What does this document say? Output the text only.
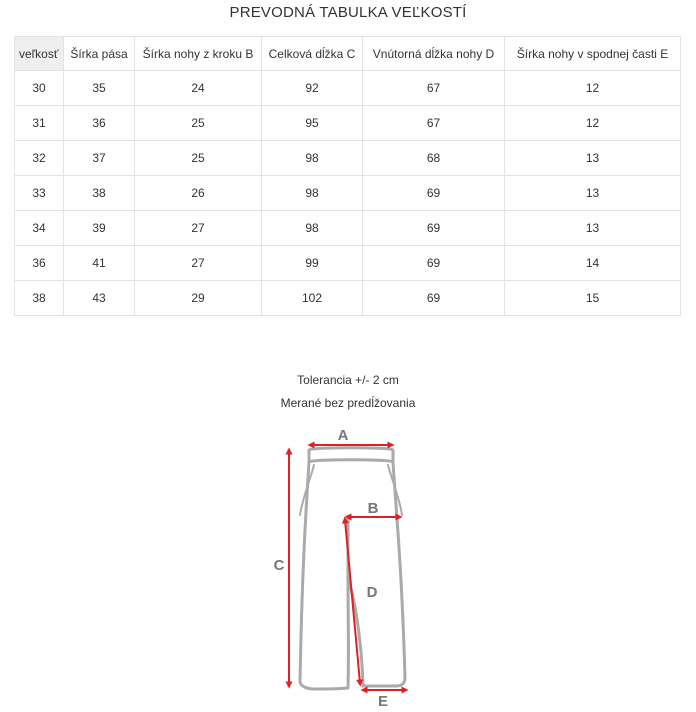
PREVODNÁ TABULKA VEĽKOSTÍ
veľkosť	Šírka pása	Šírka nohy z kroku B	Celková dĺžka C	Vnútorná dĺžka nohy D	Šírka nohy v spodnej časti E
30	35	24	92	67	12
31	36	25	95	67	12
32	37	25	98	68	13
33	38	26	98	69	13
34	39	27	98	69	13
36	41	27	99	69	14
38	43	29	102	69	15
Tolerancia +/- 2 cm
Merané bez predĺžovania
A
B
C
D
E
